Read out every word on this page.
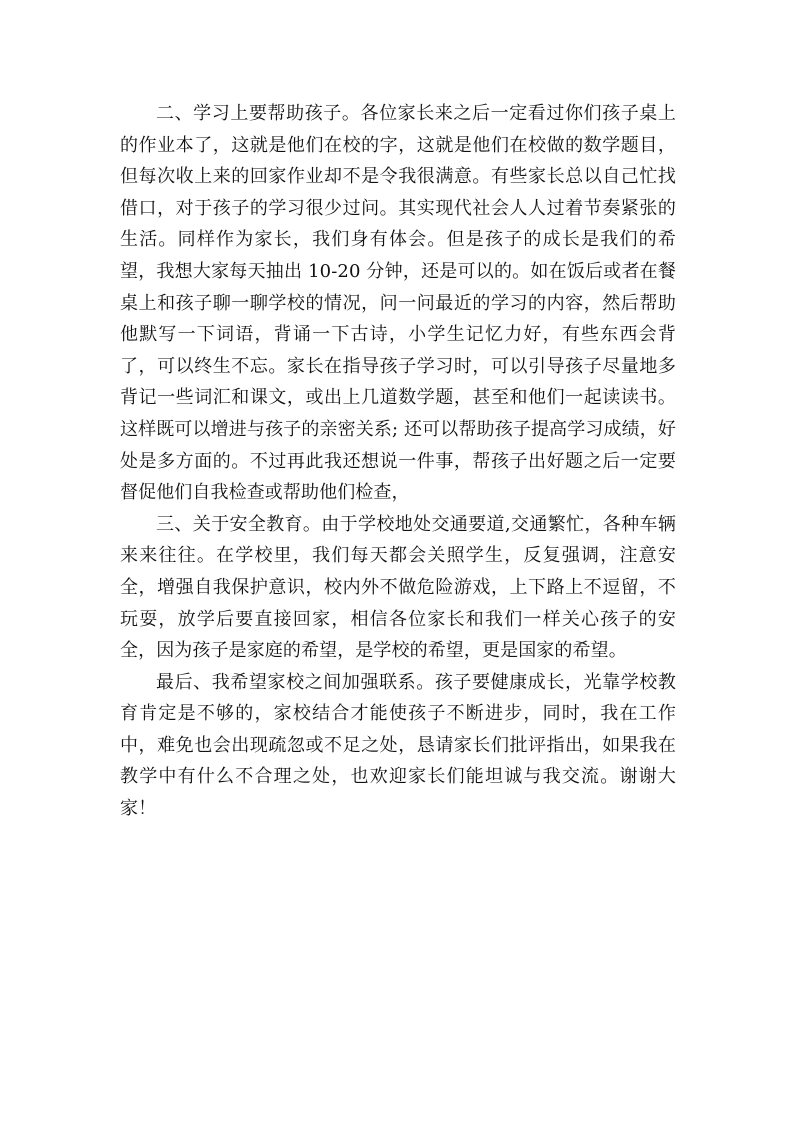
二、学习上要帮助孩子。各位家长来之后一定看过你们孩子桌上的作业本了，这就是他们在校的字，这就是他们在校做的数学题目，但每次收上来的回家作业却不是令我很满意。有些家长总以自己忙找借口，对于孩子的学习很少过问。其实现代社会人人过着节奏紧张的生活。同样作为家长，我们身有体会。但是孩子的成长是我们的希望，我想大家每天抽出 10-20 分钟，还是可以的。如在饭后或者在餐桌上和孩子聊一聊学校的情况，问一问最近的学习的内容，然后帮助他默写一下词语，背诵一下古诗，小学生记忆力好，有些东西会背了，可以终生不忘。家长在指导孩子学习时，可以引导孩子尽量地多背记一些词汇和课文，或出上几道数学题，甚至和他们一起读读书。这样既可以增进与孩子的亲密关系; 还可以帮助孩子提高学习成绩，好处是多方面的。不过再此我还想说一件事，帮孩子出好题之后一定要督促他们自我检查或帮助他们检查，

三、关于安全教育。由于学校地处交通要道,交通繁忙，各种车辆来来往往。在学校里，我们每天都会关照学生，反复强调，注意安全，增强自我保护意识，校内外不做危险游戏，上下路上不逗留，不玩耍，放学后要直接回家，相信各位家长和我们一样关心孩子的安全，因为孩子是家庭的希望，是学校的希望，更是国家的希望。

最后、我希望家校之间加强联系。孩子要健康成长，光靠学校教育肯定是不够的，家校结合才能使孩子不断进步，同时，我在工作中，难免也会出现疏忽或不足之处，恳请家长们批评指出，如果我在教学中有什么不合理之处，也欢迎家长们能坦诚与我交流。谢谢大家！
